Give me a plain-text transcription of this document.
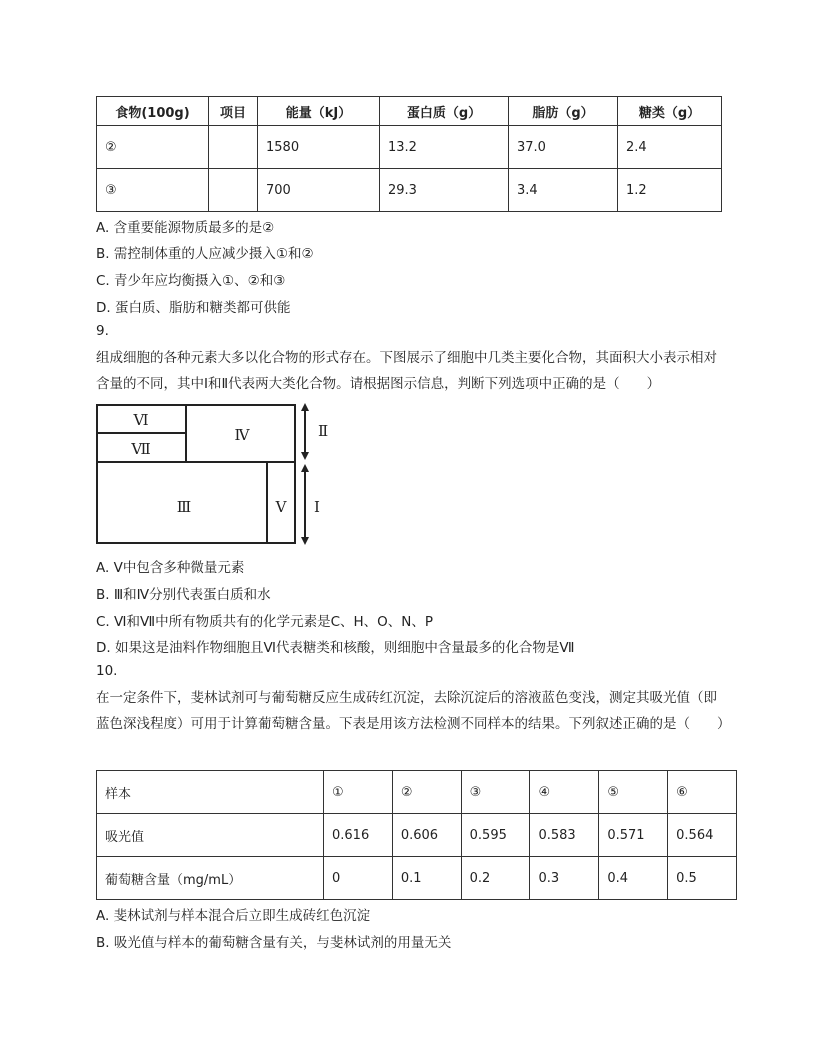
食物(100g)	项目	能量（kJ）	蛋白质（g）	脂肪（g）	糖类（g）
②		1580	13.2	37.0	2.4
③		700	29.3	3.4	1.2
A. 含重要能源物质最多的是②
B. 需控制体重的人应减少摄入①和②
C. 青少年应均衡摄入①、②和③
D. 蛋白质、脂肪和糖类都可供能
9.
组成细胞的各种元素大多以化合物的形式存在。下图展示了细胞中几类主要化合物，其面积大小表示相对含量的不同，其中Ⅰ和Ⅱ代表两大类化合物。请根据图示信息，判断下列选项中正确的是（　　）
Ⅵ
Ⅶ
Ⅳ
Ⅲ	Ⅴ
Ⅱ
Ⅰ
A. Ⅴ中包含多种微量元素
B. Ⅲ和Ⅳ分别代表蛋白质和水
C. Ⅵ和Ⅶ中所有物质共有的化学元素是C、H、O、N、P
D. 如果这是油料作物细胞且Ⅵ代表糖类和核酸，则细胞中含量最多的化合物是Ⅶ
10.
在一定条件下，斐林试剂可与葡萄糖反应生成砖红沉淀，去除沉淀后的溶液蓝色变浅，测定其吸光值（即蓝色深浅程度）可用于计算葡萄糖含量。下表是用该方法检测不同样本的结果。下列叙述正确的是（　　）
样本	①	②	③	④	⑤	⑥
吸光值	0.616	0.606	0.595	0.583	0.571	0.564
葡萄糖含量（mg/mL）	0	0.1	0.2	0.3	0.4	0.5
A. 斐林试剂与样本混合后立即生成砖红色沉淀
B. 吸光值与样本的葡萄糖含量有关，与斐林试剂的用量无关
